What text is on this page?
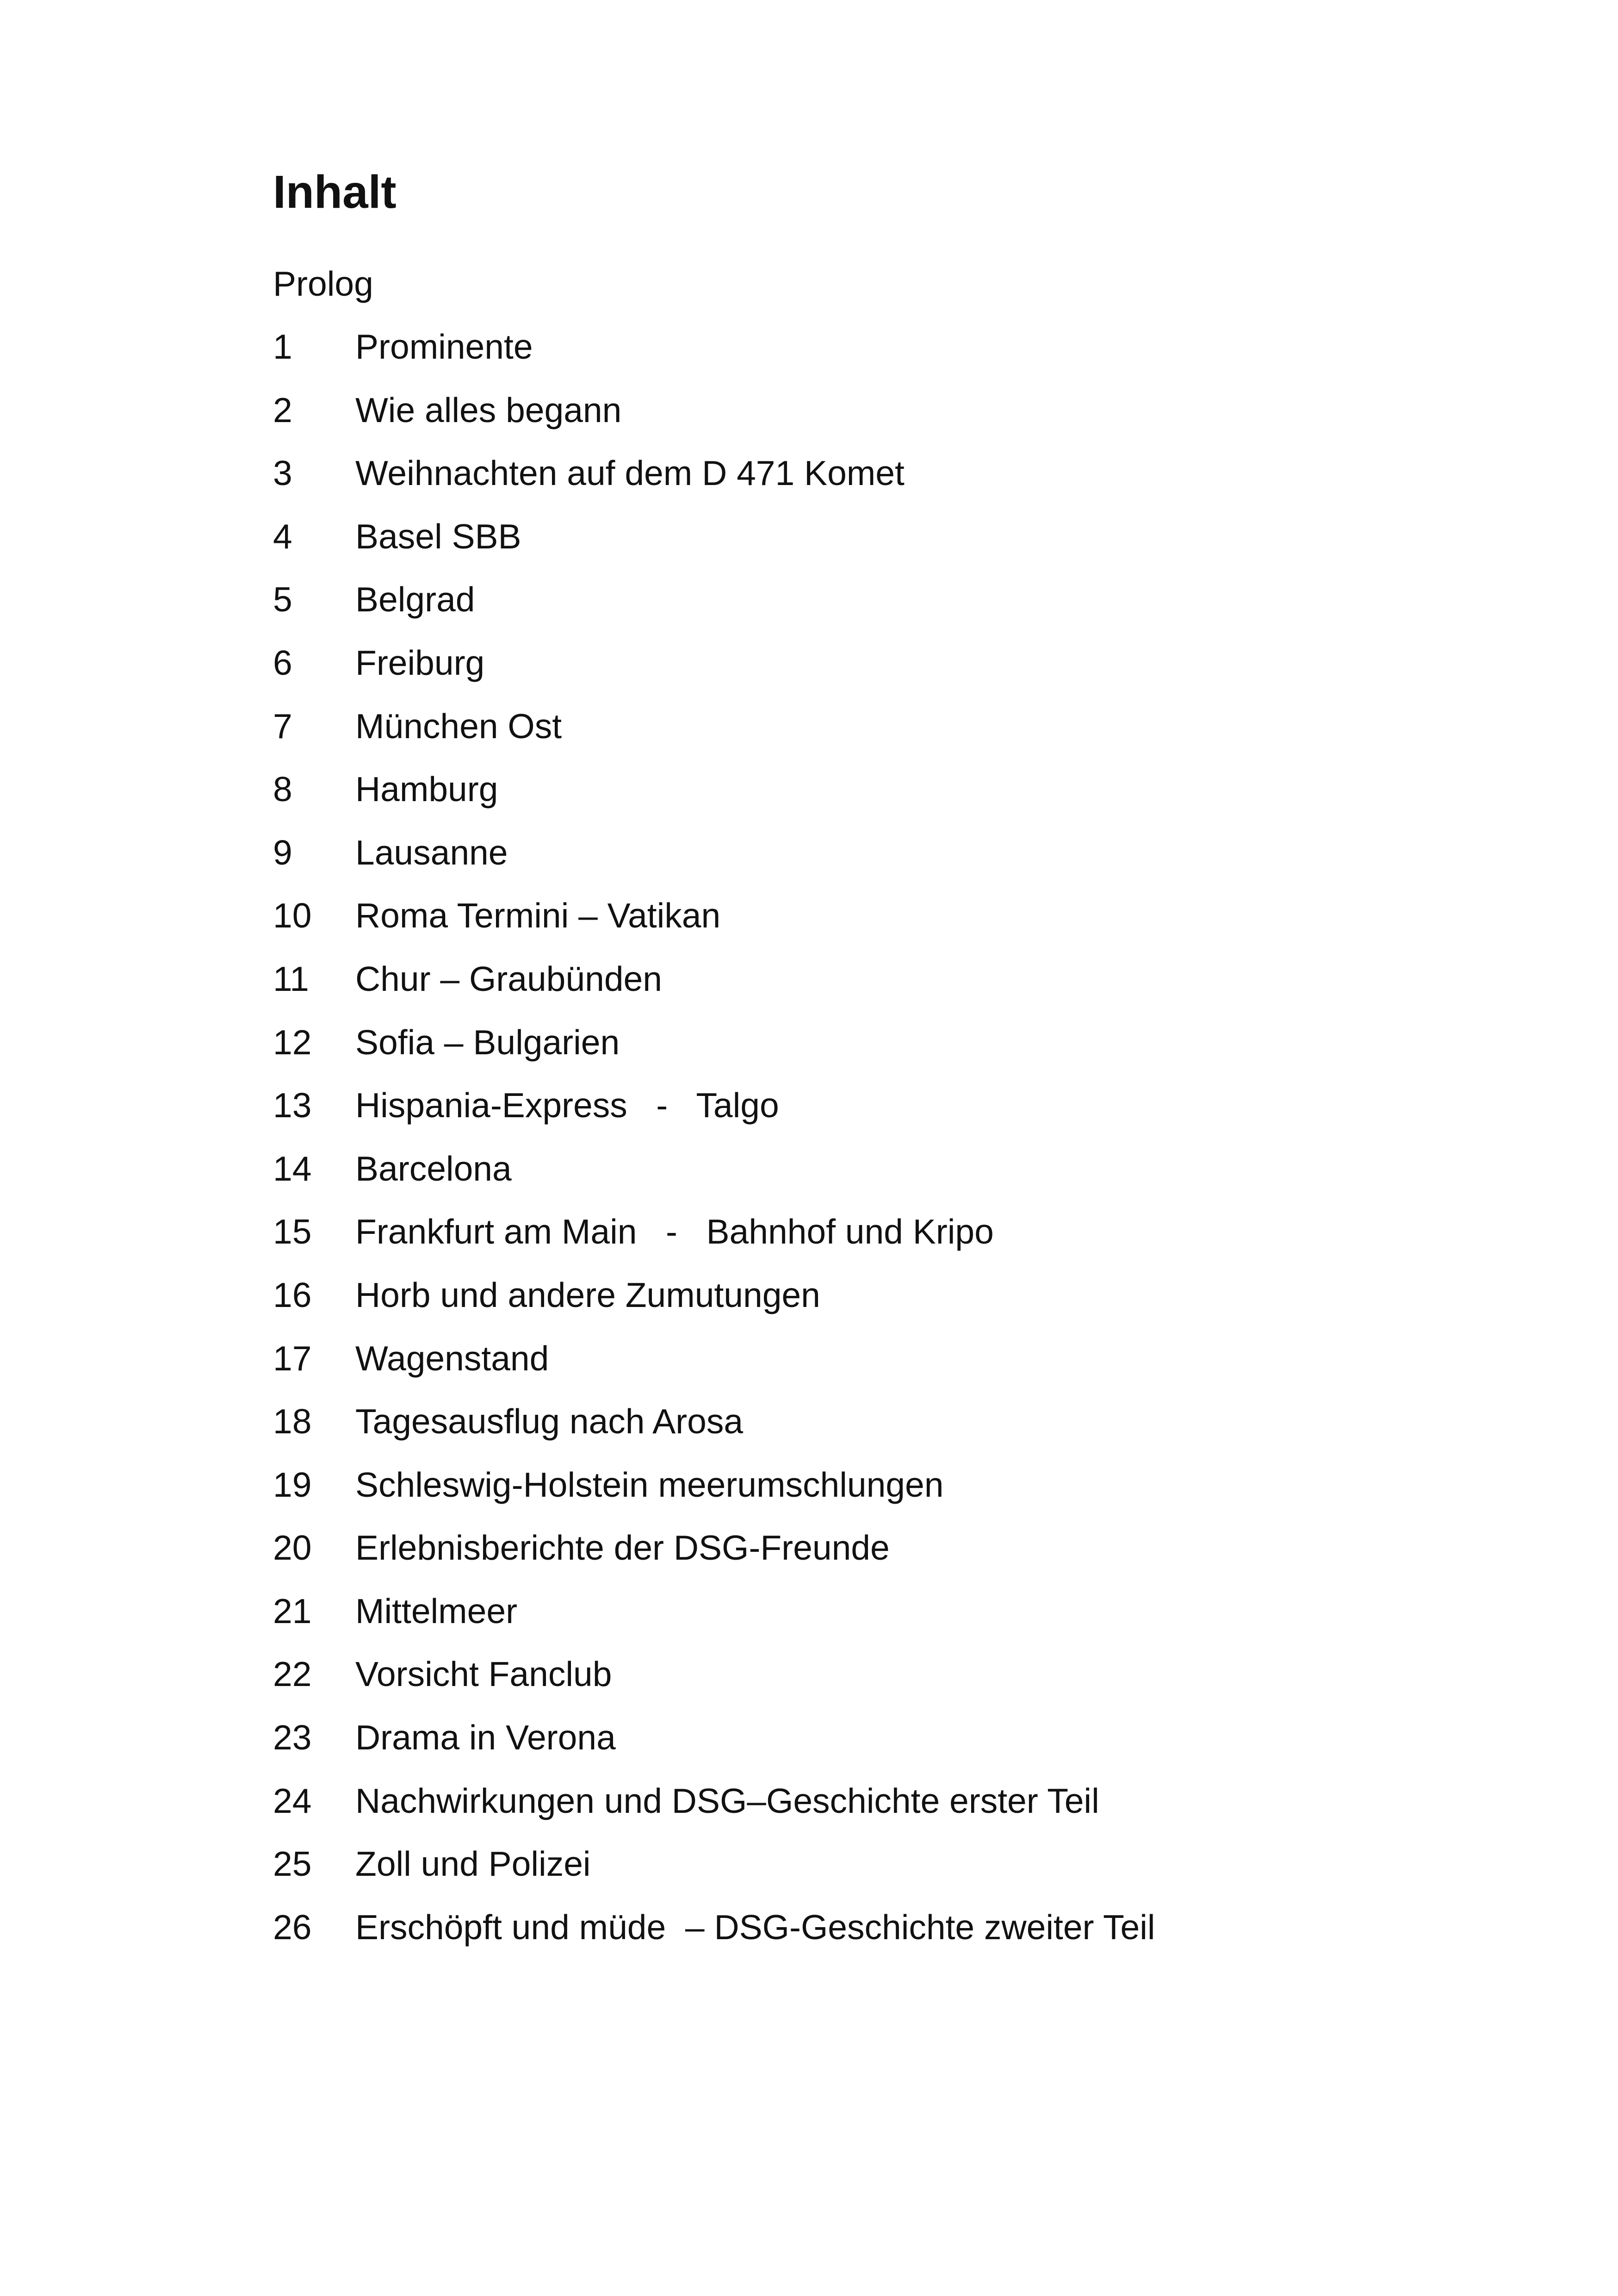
Inhalt
Prolog
1	Prominente
2	Wie alles begann
3	Weihnachten auf dem D 471 Komet
4	Basel SBB
5	Belgrad
6	Freiburg
7	München Ost
8	Hamburg
9	Lausanne
10	Roma Termini – Vatikan
11	Chur – Graubünden
12	Sofia – Bulgarien
13	Hispania-Express   -   Talgo
14	Barcelona
15	Frankfurt am Main   -   Bahnhof und Kripo
16	Horb und andere Zumutungen
17	Wagenstand
18	Tagesausflug nach Arosa
19	Schleswig-Holstein meerumschlungen
20	Erlebnisberichte der DSG-Freunde
21	Mittelmeer
22	Vorsicht Fanclub
23	Drama in Verona
24	Nachwirkungen und DSG–Geschichte erster Teil
25	Zoll und Polizei
26	Erschöpft und müde  – DSG-Geschichte zweiter Teil
